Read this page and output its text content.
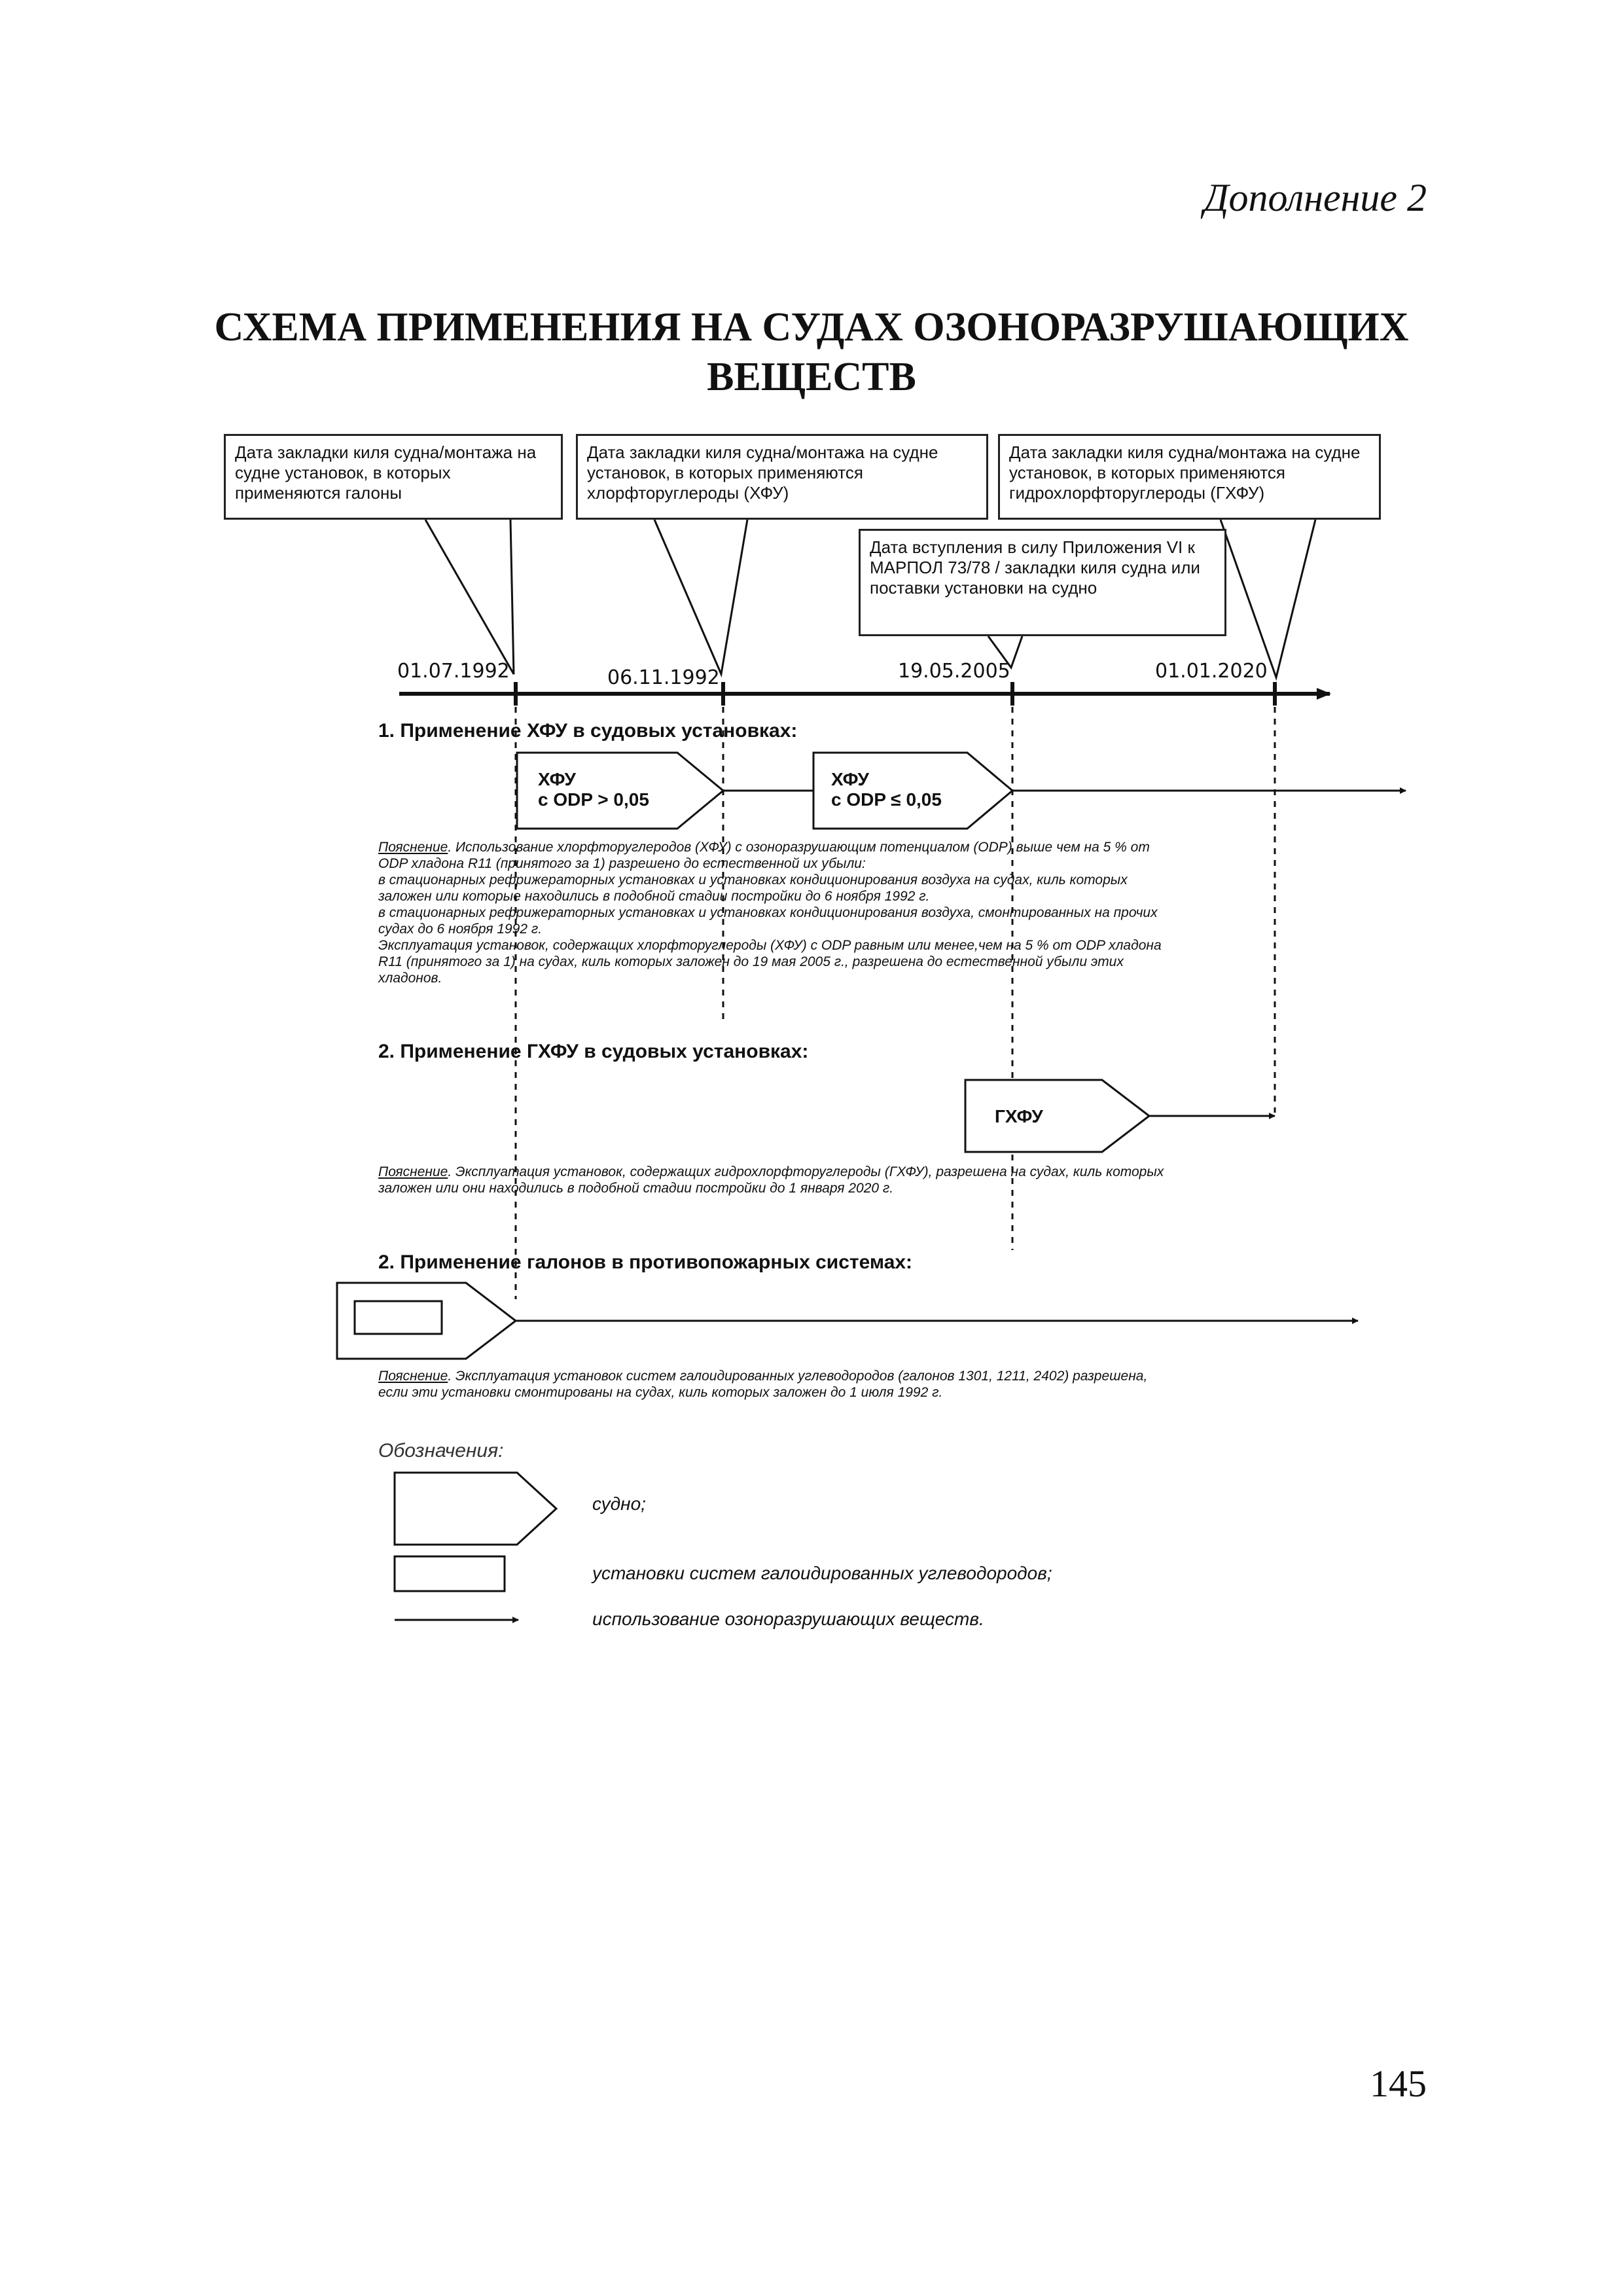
Дополнение 2
СХЕМА ПРИМЕНЕНИЯ НА СУДАХ ОЗОНОРАЗРУШАЮЩИХ
ВЕЩЕСТВ
Дата закладки киля судна/монтажа на судне установок, в которых применяются галоны
Дата закладки киля судна/монтажа на судне установок, в которых применяются хлорфторуглероды (ХФУ)
Дата закладки киля судна/монтажа на судне установок, в которых применяются гидрохлорфторуглероды (ГХФУ)
Дата вступления в силу Приложения VI к МАРПОЛ 73/78 / закладки киля судна или поставки установки на судно
01.07.1992	06.11.1992	19.05.2005	01.01.2020
1. Применение ХФУ в судовых установках:
ХФУ
с ODP > 0,05
ХФУ
с ODP ≤ 0,05
Пояснение. Использование хлорфторуглеродов (ХФУ) с озоноразрушающим потенциалом (ODP) выше чем на 5 % от
ODP хладона R11 (принятого за 1) разрешено до естественной их убыли:
в стационарных рефрижераторных установках и установках кондиционирования воздуха на судах, киль которых
заложен или которые находились в подобной стадии постройки до 6 ноября 1992 г.
в стационарных рефрижераторных установках и установках кондиционирования воздуха, смонтированных на прочих
судах до 6 ноября 1992 г.
Эксплуатация установок, содержащих хлорфторуглероды (ХФУ) с ODP равным или менее,чем на 5 % от ODP хладона
R11 (принятого за 1) на судах, киль которых заложен до 19 мая 2005 г., разрешена до естественной убыли этих
хладонов.
2. Применение ГХФУ в судовых установках:
ГХФУ
Пояснение. Эксплуатация установок, содержащих гидрохлорфторуглероды (ГХФУ), разрешена на судах, киль которых
заложен или они находились в подобной стадии постройки до 1 января 2020 г.
2. Применение галонов в противопожарных системах:
Пояснение. Эксплуатация установок систем галоидированных углеводородов (галонов 1301, 1211, 2402) разрешена,
если эти установки смонтированы на судах, киль которых заложен до 1 июля 1992 г.
Обозначения:
судно;
установки систем галоидированных углеводородов;
использование озоноразрушающих веществ.
145
